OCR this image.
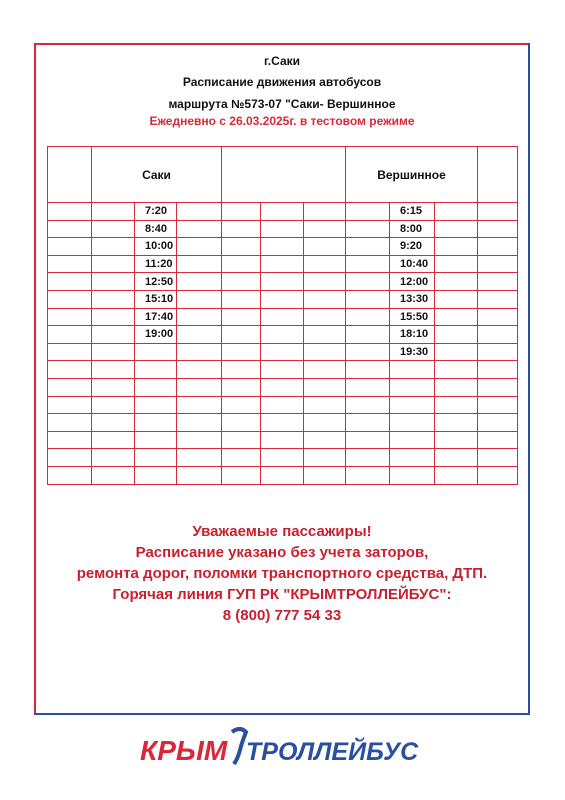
г.Саки
Расписание движения автобусов
маршрута №573-07 "Саки- Вершинное
Ежедневно с 26.03.2025г. в тестовом режиме
	Саки						Вершинное			
		7:20						6:15		
		8:40						8:00		
		10:00						9:20		
		11:20						10:40		
		12:50						12:00		
		15:10						13:30		
		17:40						15:50		
		19:00						18:10		
								19:30		

Уважаемые пассажиры!
Расписание указано без учета заторов,
ремонта дорог, поломки транспортного средства, ДТП.
Горячая линия ГУП РК "КРЫМТРОЛЛЕЙБУС":
8 (800) 777 54 33
КРЫМ ТРОЛЛЕЙБУС
